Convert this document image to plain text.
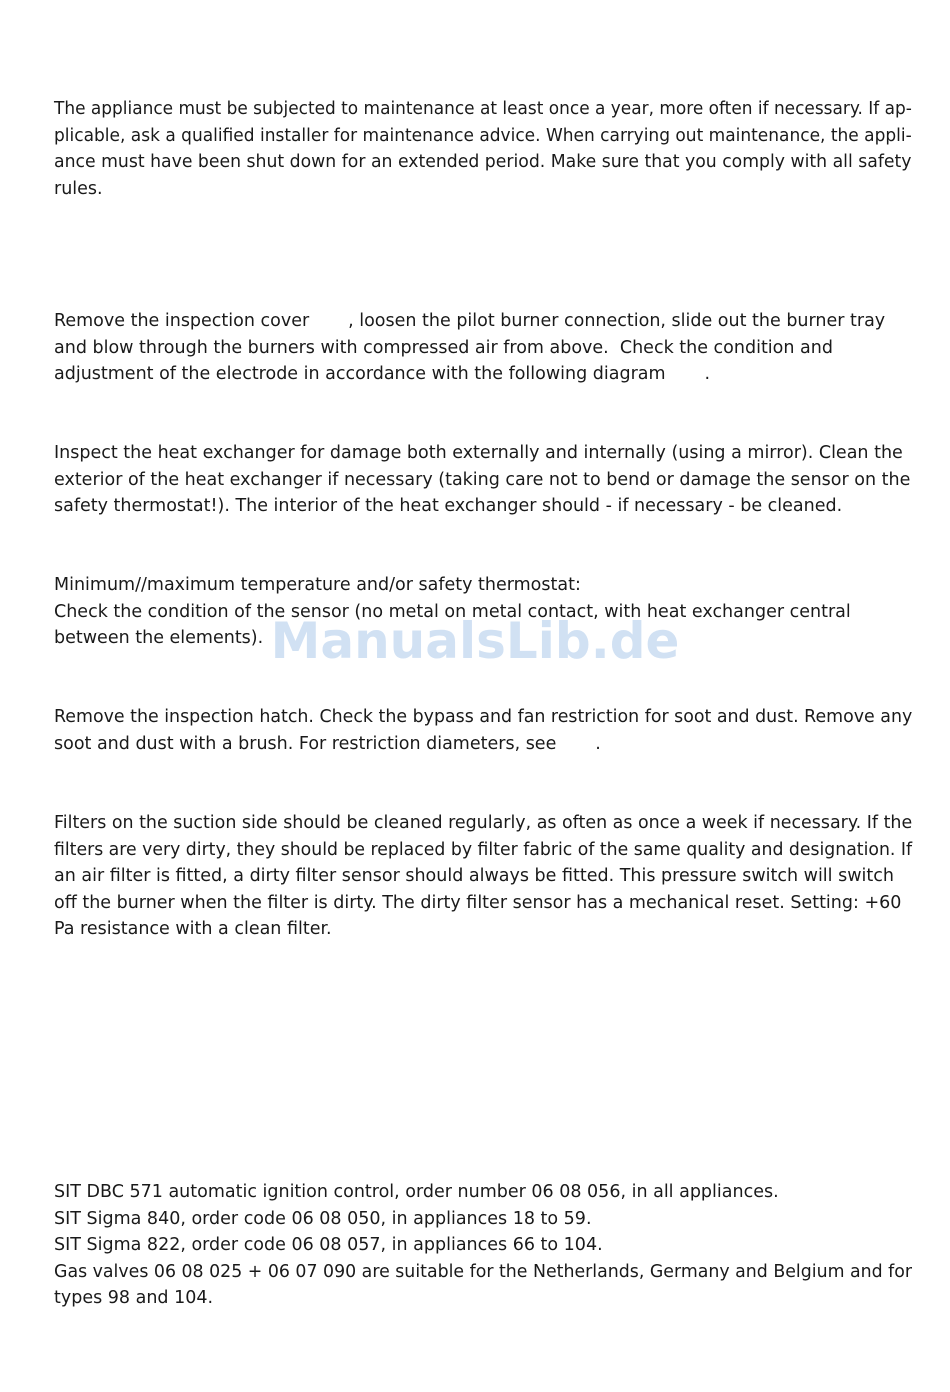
The appliance must be subjected to maintenance at least once a year, more often if necessary. If ap-
plicable, ask a qualified installer for maintenance advice. When carrying out maintenance, the appli-
ance must have been shut down for an extended period. Make sure that you comply with all safety
rules.
Remove the inspection cover       , loosen the pilot burner connection, slide out the burner tray
and blow through the burners with compressed air from above.  Check the condition and
adjustment of the electrode in accordance with the following diagram       .
Inspect the heat exchanger for damage both externally and internally (using a mirror). Clean the
exterior of the heat exchanger if necessary (taking care not to bend or damage the sensor on the
safety thermostat!). The interior of the heat exchanger should - if necessary - be cleaned.
Minimum//maximum temperature and/or safety thermostat:
Check the condition of the sensor (no metal on metal contact, with heat exchanger central
between the elements).
Remove the inspection hatch. Check the bypass and fan restriction for soot and dust. Remove any
soot and dust with a brush. For restriction diameters, see       .
Filters on the suction side should be cleaned regularly, as often as once a week if necessary. If the
filters are very dirty, they should be replaced by filter fabric of the same quality and designation. If
an air filter is fitted, a dirty filter sensor should always be fitted. This pressure switch will switch
off the burner when the filter is dirty. The dirty filter sensor has a mechanical reset. Setting: +60
Pa resistance with a clean filter.
SIT DBC 571 automatic ignition control, order number 06 08 056, in all appliances.
SIT Sigma 840, order code 06 08 050, in appliances 18 to 59.
SIT Sigma 822, order code 06 08 057, in appliances 66 to 104.
Gas valves 06 08 025 + 06 07 090 are suitable for the Netherlands, Germany and Belgium and for
types 98 and 104.
ManualsLib.de
